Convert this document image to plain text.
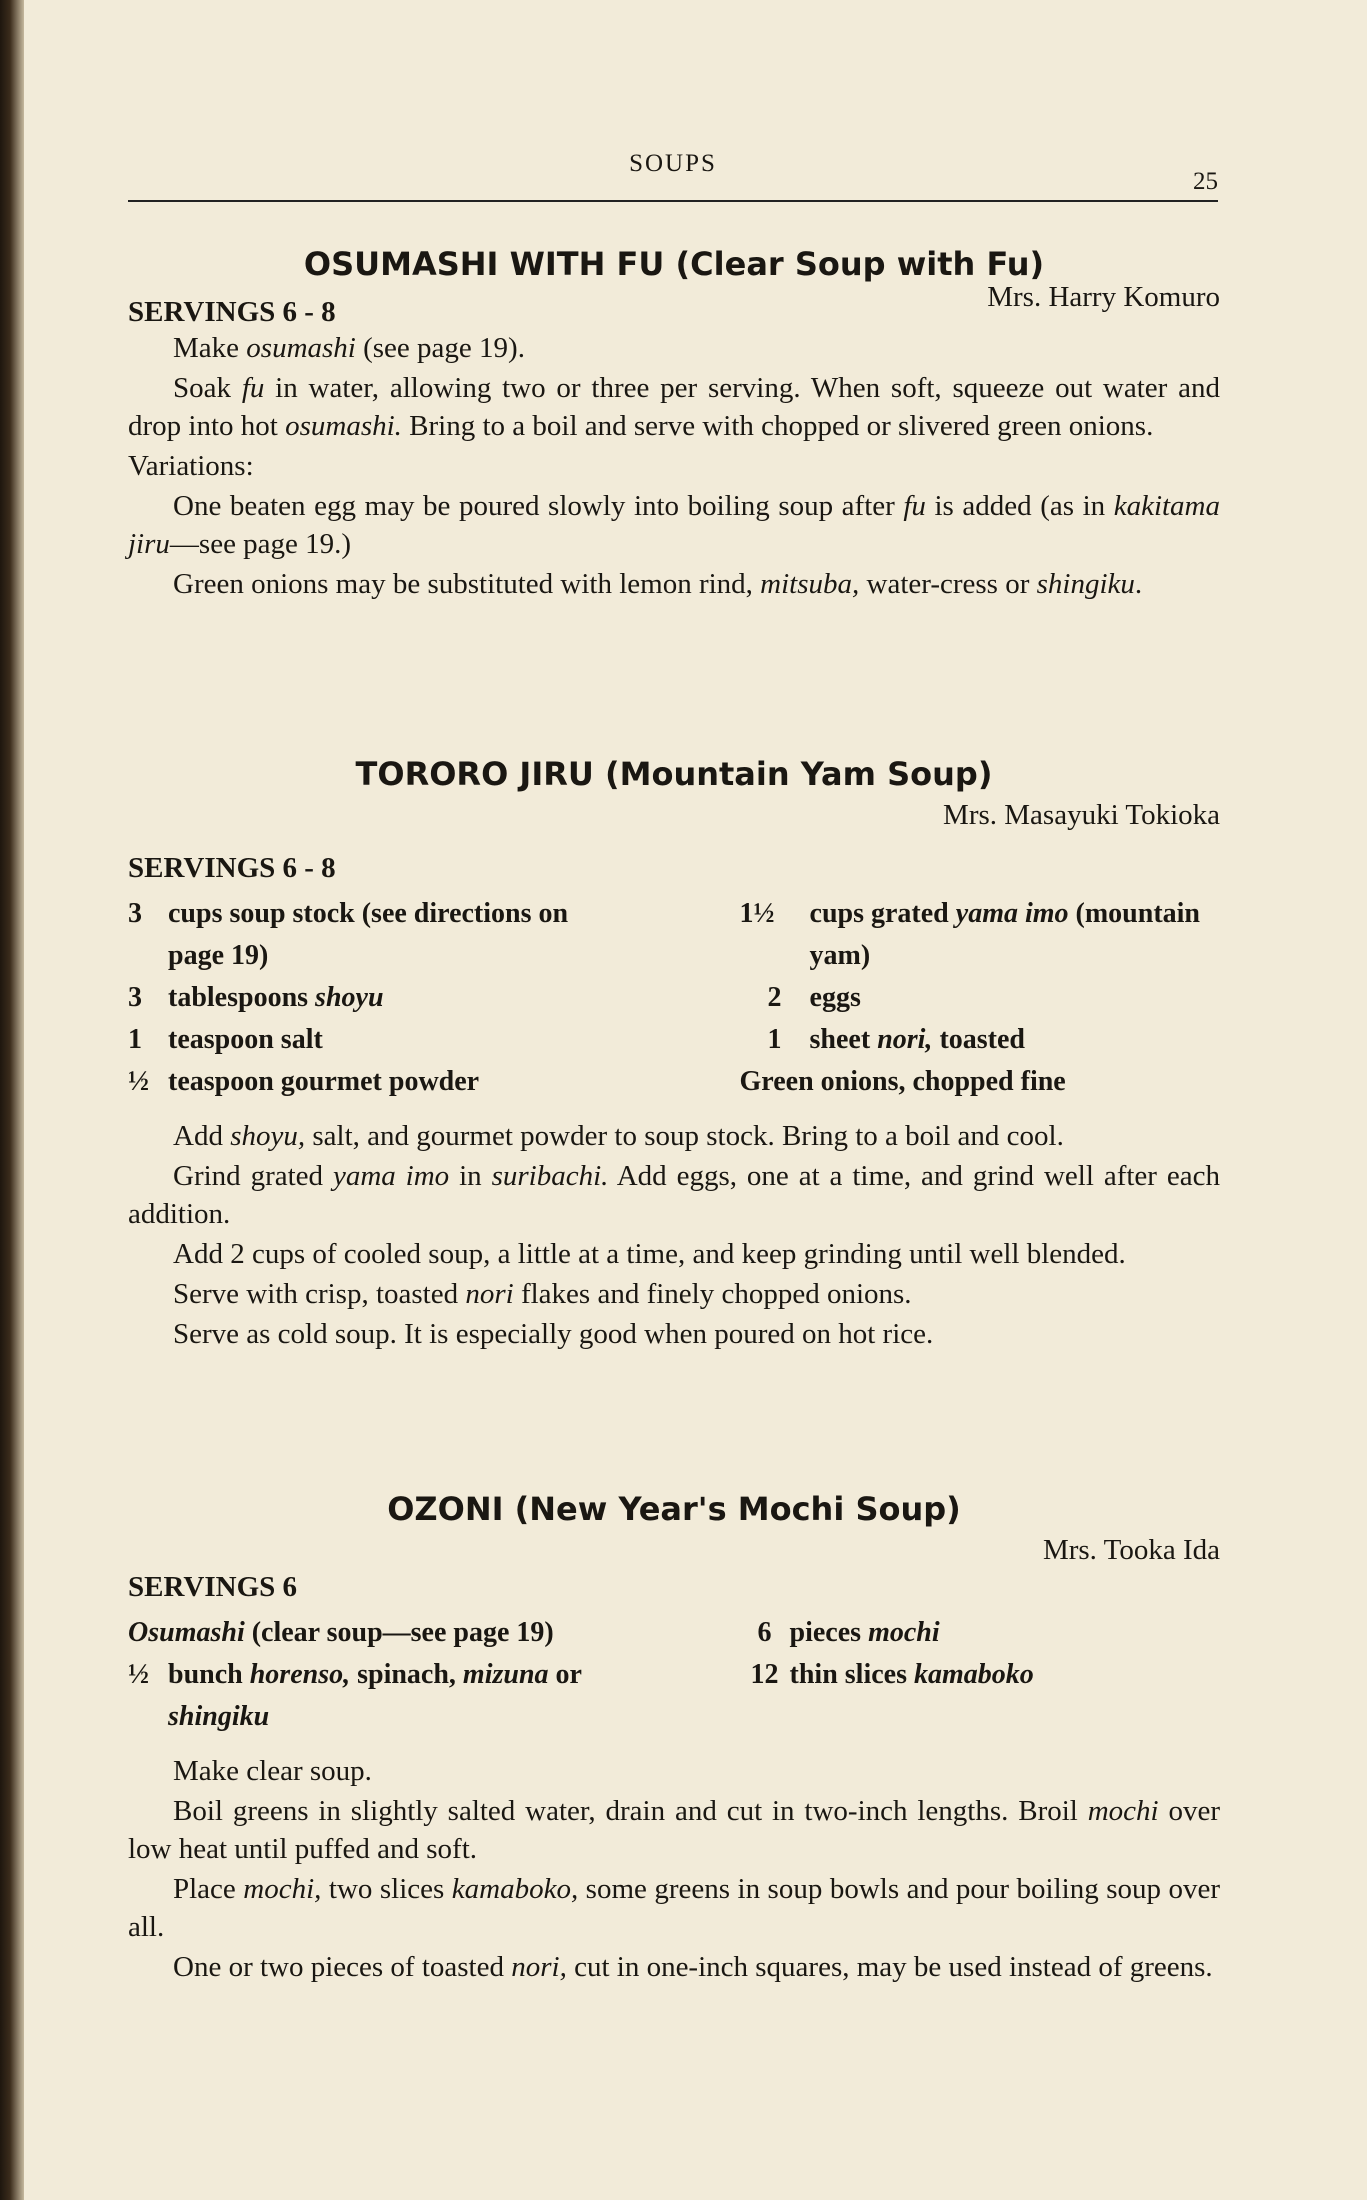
SOUPS
25
OSUMASHI WITH FU (Clear Soup with Fu)
Mrs. Harry Komuro
SERVINGS 6 - 8

Make osumashi (see page 19).

Soak fu in water, allowing two or three per serving. When soft, squeeze out water and drop into hot osumashi. Bring to a boil and serve with chopped or slivered green onions.

Variations:

One beaten egg may be poured slowly into boiling soup after fu is added (as in kakitama jiru—see page 19.)

Green onions may be substituted with lemon rind, mitsuba, water-cress or shingiku.

TORORO JIRU (Mountain Yam Soup)
Mrs. Masayuki Tokioka
SERVINGS 6 - 8
3 cups soup stock (see directions on page 19)
3 tablespoons shoyu
1 teaspoon salt
½ teaspoon gourmet powder
1½ cups grated yama imo (mountain yam)
2 eggs
1 sheet nori, toasted
Green onions, chopped fine

Add shoyu, salt, and gourmet powder to soup stock. Bring to a boil and cool.

Grind grated yama imo in suribachi. Add eggs, one at a time, and grind well after each addition.

Add 2 cups of cooled soup, a little at a time, and keep grinding until well blended.

Serve with crisp, toasted nori flakes and finely chopped onions.

Serve as cold soup. It is especially good when poured on hot rice.

OZONI (New Year's Mochi Soup)
Mrs. Tooka Ida
SERVINGS 6
Osumashi (clear soup—see page 19)
½ bunch horenso, spinach, mizuna or shingiku
6 pieces mochi
12 thin slices kamaboko

Make clear soup.

Boil greens in slightly salted water, drain and cut in two-inch lengths. Broil mochi over low heat until puffed and soft.

Place mochi, two slices kamaboko, some greens in soup bowls and pour boiling soup over all.

One or two pieces of toasted nori, cut in one-inch squares, may be used instead of greens.
